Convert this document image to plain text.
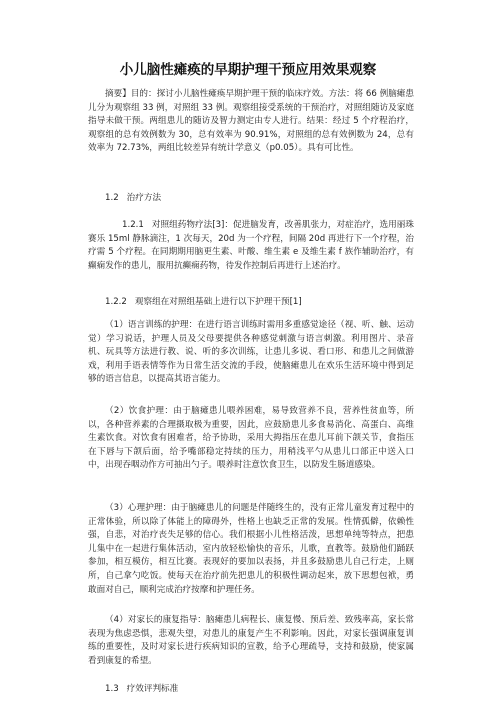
小儿脑性瘫痪的早期护理干预应用效果观察

摘要】目的：探讨小儿脑性瘫痪早期护理干预的临床疗效。方法：将 66 例脑瘫患儿分为观察组 33 例，对照组 33 例。观察组接受系统的干预治疗，对照组随访及家庭指导未做干预。两组患儿的随访及智力测定由专人进行。结果：经过 5 个疗程治疗，观察组的总有效例数为 30，总有效率为 90.91%，对照组的总有效例数为 24，总有效率为 72.73%，两组比较差异有统计学意义（p0.05）。具有可比性。

1.2 治疗方法

1.2.1 对照组药物疗法[3]：促进脑发育，改善肌张力，对症治疗，选用丽珠赛乐 15ml 静脉滴注，1 次每天，20d 为一个疗程，间隔 20d 再进行下一个疗程，治疗需 5 个疗程。在同期期用脑更生素、叶酸、维生素 e 及维生素 f 族作辅助治疗，有癫痫发作的患儿，服用抗癫痫药物，待发作控制后再进行上述治疗。

1.2.2 观察组在对照组基础上进行以下护理干预[1]

（1）语言训练的护理：在进行语言训练时需用多重感觉途径（视、听、触、运动觉）学习说话，护理人员及父母要提供各种感觉刺激与语言刺激。利用图片、录音机、玩具等方法进行教、说、听的多次训练，让患儿多说、看口形、和患儿之间做游戏，利用手语表情等作为日常生活交流的手段，使脑瘫患儿在欢乐生活环境中得到足够的语言信息，以提高其语言能力。

（2）饮食护理：由于脑瘫患儿喂养困难，易导致营养不良，营养性贫血等，所以，各种营养素的合理摄取极为重要，因此，应鼓励患儿多食易消化、高蛋白、高维生素饮食。对饮食有困难者，给予协助，采用大拇指压在患儿耳前下颌关节，食指压在下唇与下颌后面，给予嘴部稳定持续的压力，用稍浅平勺从患儿口部正中送入口中，出现吞咽动作方可抽出勺子。喂养时注意饮食卫生，以防发生肠道感染。

（3）心理护理：由于脑瘫患儿的问题是伴随终生的，没有正常儿童发育过程中的正常体验，所以除了体能上的障碍外，性格上也缺乏正常的发展。性情孤僻，依赖性强，自悲，对治疗丧失足够的信心。我们根据小儿性格活泼，思想单纯等特点，把患儿集中在一起进行集体活动，室内放轻松愉快的音乐，儿歌，直教等。鼓励他们踊跃参加，相互模仿，相互比赛。表现好的要加以表扬，并且多鼓励患儿自己行走，上厕所，自己拿勺吃饭。使每天在治疗前先把患儿的积极性调动起来，放下思想包袱，勇敢面对自己，顺利完成治疗按摩和护理任务。

（4）对家长的康复指导：脑瘫患儿病程长、康复慢、预后差、致残率高，家长常表现为焦虑恐惧，悲观失望，对患儿的康复产生不利影响。因此，对家长强调康复训练的重要性，及时对家长进行疾病知识的宣教，给予心理疏导，支持和鼓励，使家属看到康复的希望。

1.3 疗效评判标准
